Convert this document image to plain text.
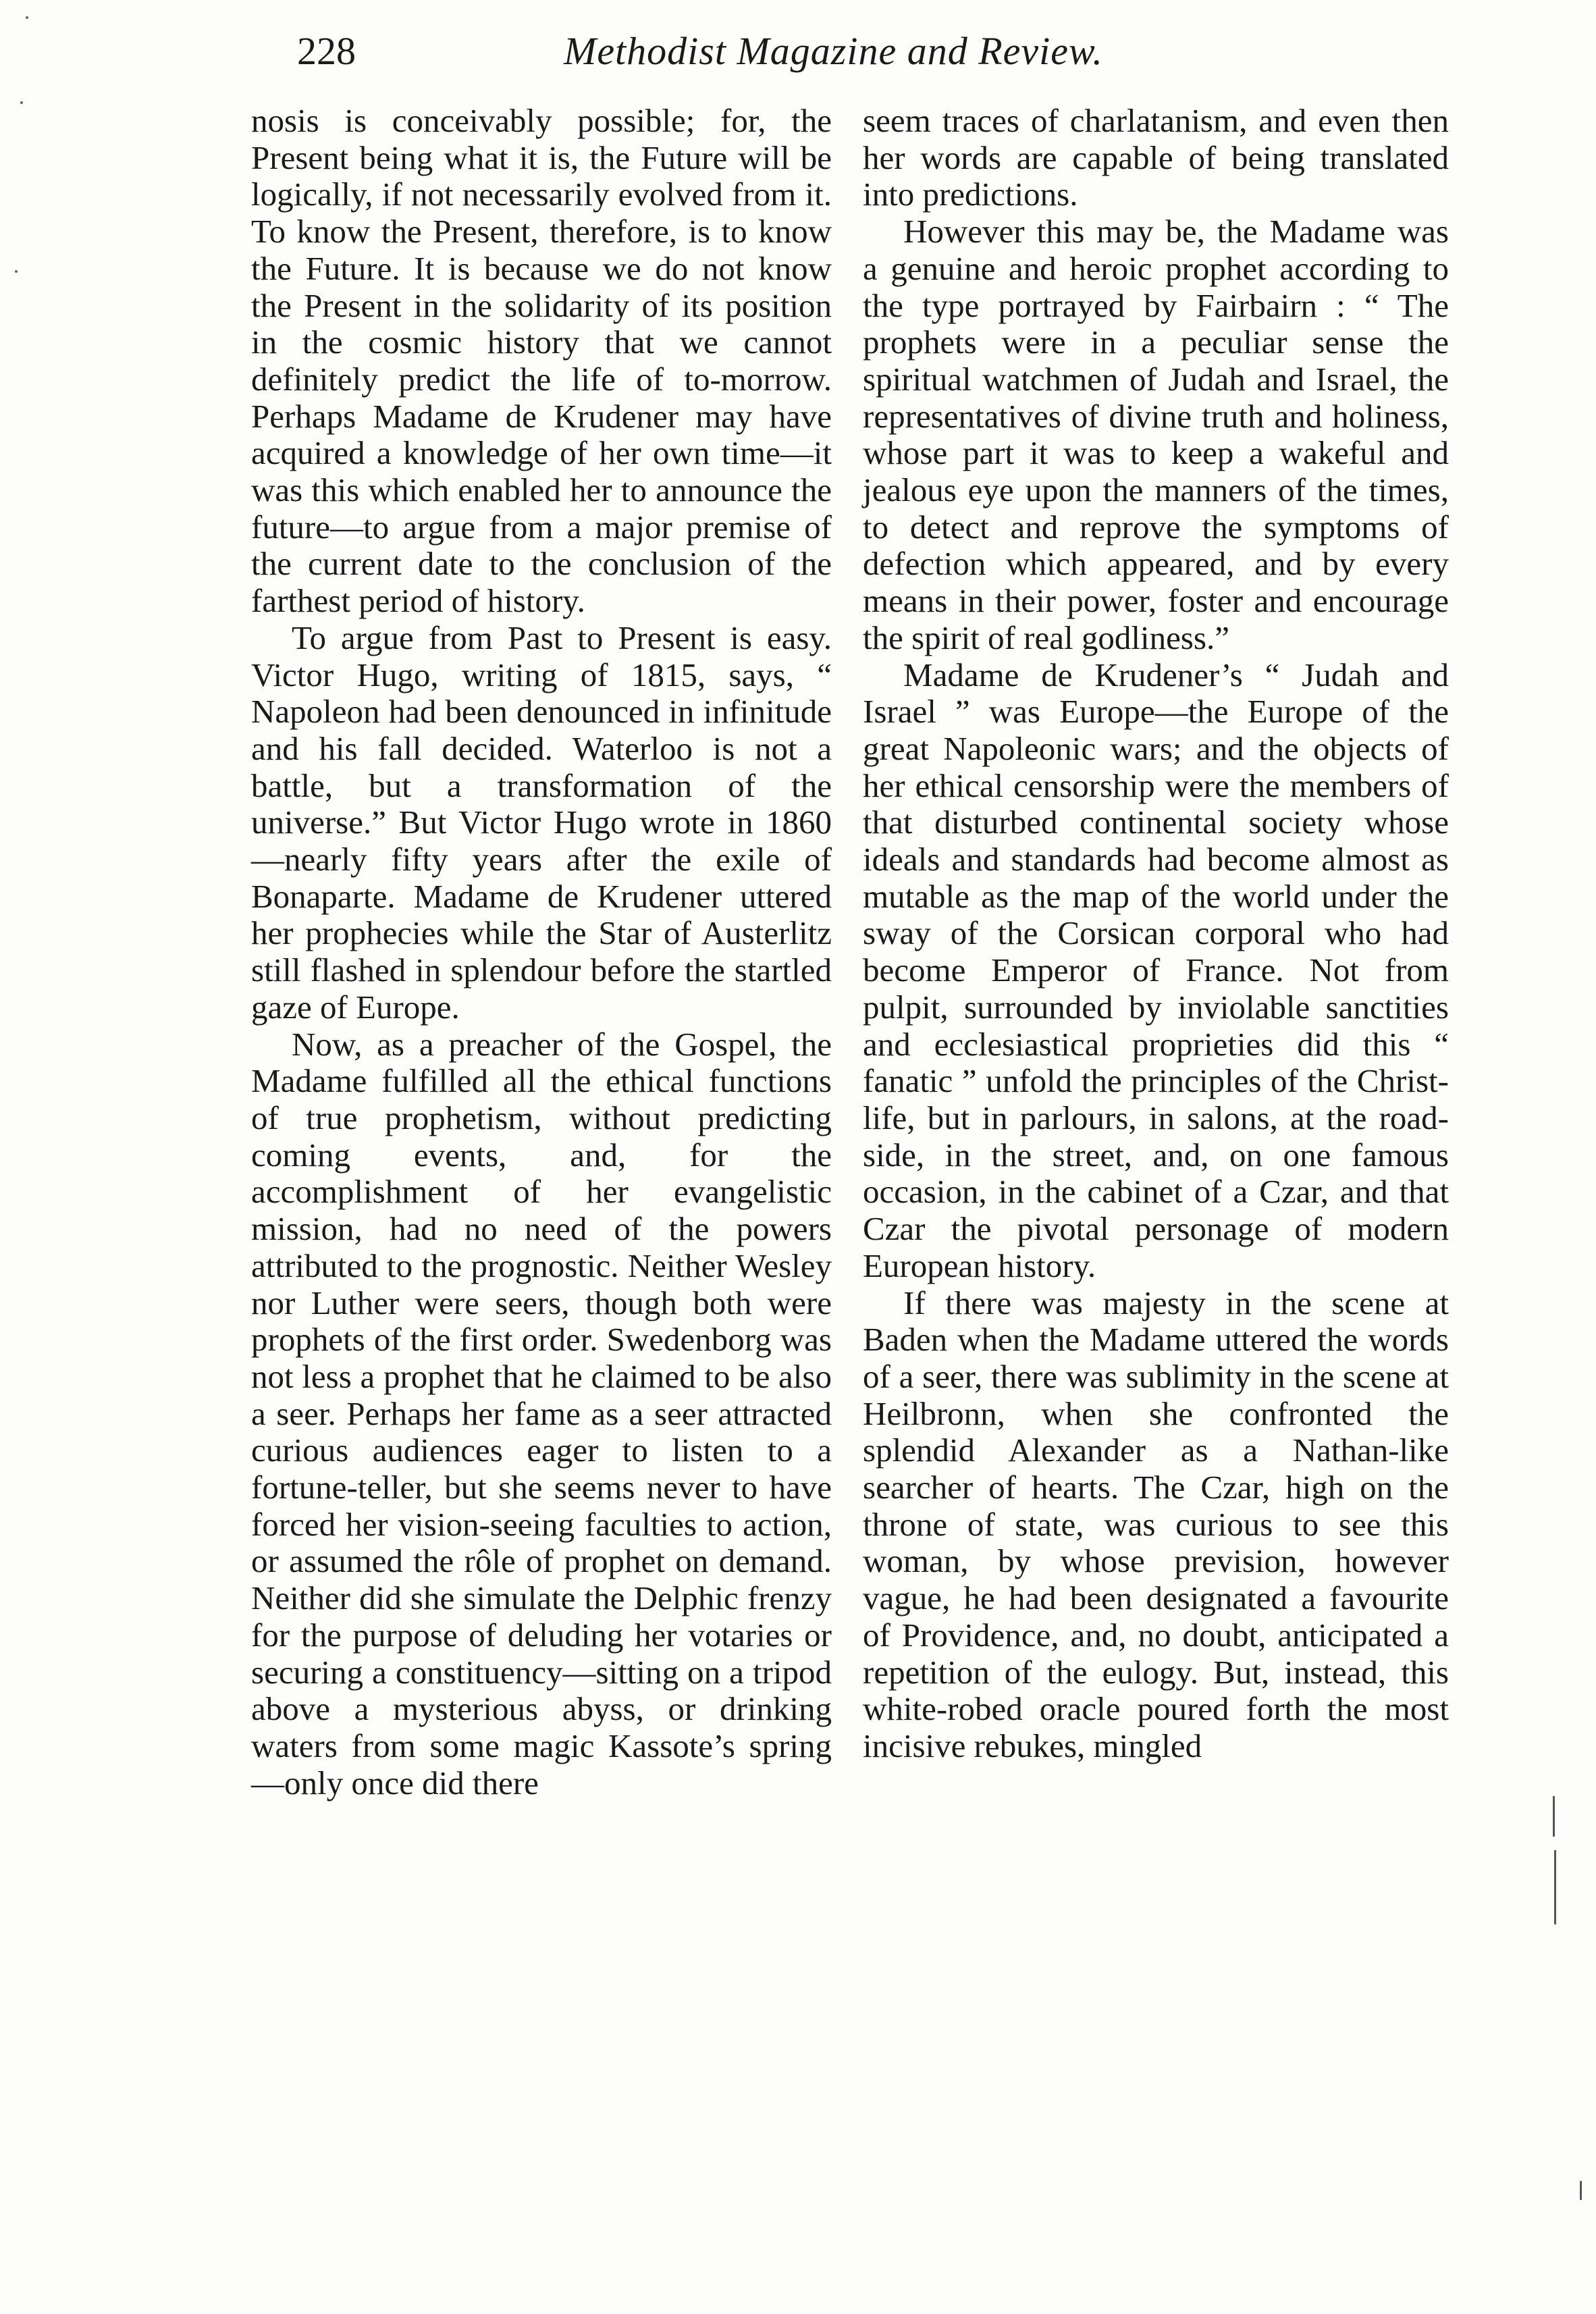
228	Methodist Magazine and Review.

nosis is conceivably possible; for, the Present being what it is, the Future will be logically, if not necessarily evolved from it. To know the Present, therefore, is to know the Future. It is because we do not know the Present in the solidarity of its position in the cosmic history that we cannot definitely predict the life of to-morrow. Perhaps Madame de Krudener may have acquired a knowledge of her own time—it was this which enabled her to announce the future—to argue from a major premise of the current date to the conclusion of the farthest period of history.

To argue from Past to Present is easy. Victor Hugo, writing of 1815, says, “ Napoleon had been denounced in infinitude and his fall decided. Waterloo is not a battle, but a transformation of the universe.” But Victor Hugo wrote in 1860—nearly fifty years after the exile of Bonaparte. Madame de Krudener uttered her prophecies while the Star of Austerlitz still flashed in splendour before the startled gaze of Europe.

Now, as a preacher of the Gospel, the Madame fulfilled all the ethical functions of true prophetism, without predicting coming events, and, for the accomplishment of her evangelistic mission, had no need of the powers attributed to the prognostic. Neither Wesley nor Luther were seers, though both were prophets of the first order. Swedenborg was not less a prophet that he claimed to be also a seer. Perhaps her fame as a seer attracted curious audiences eager to listen to a fortune-teller, but she seems never to have forced her vision-seeing faculties to action, or assumed the rôle of prophet on demand. Neither did she simulate the Delphic frenzy for the purpose of deluding her votaries or securing a constituency—sitting on a tripod above a mysterious abyss, or drinking waters from some magic Kassote’s spring—only once did there

seem traces of charlatanism, and even then her words are capable of being translated into predictions.

However this may be, the Madame was a genuine and heroic prophet according to the type portrayed by Fairbairn : “ The prophets were in a peculiar sense the spiritual watchmen of Judah and Israel, the representatives of divine truth and holiness, whose part it was to keep a wakeful and jealous eye upon the manners of the times, to detect and reprove the symptoms of defection which appeared, and by every means in their power, foster and encourage the spirit of real godliness.”

Madame de Krudener’s “ Judah and Israel ” was Europe—the Europe of the great Napoleonic wars; and the objects of her ethical censorship were the members of that disturbed continental society whose ideals and standards had become almost as mutable as the map of the world under the sway of the Corsican corporal who had become Emperor of France. Not from pulpit, surrounded by inviolable sanctities and ecclesiastical proprieties did this “ fanatic ” unfold the principles of the Christ-life, but in parlours, in salons, at the road-side, in the street, and, on one famous occasion, in the cabinet of a Czar, and that Czar the pivotal personage of modern European history.

If there was majesty in the scene at Baden when the Madame uttered the words of a seer, there was sublimity in the scene at Heilbronn, when she confronted the splendid Alexander as a Nathan-like searcher of hearts. The Czar, high on the throne of state, was curious to see this woman, by whose prevision, however vague, he had been designated a favourite of Providence, and, no doubt, anticipated a repetition of the eulogy. But, instead, this white-robed oracle poured forth the most incisive rebukes, mingled
